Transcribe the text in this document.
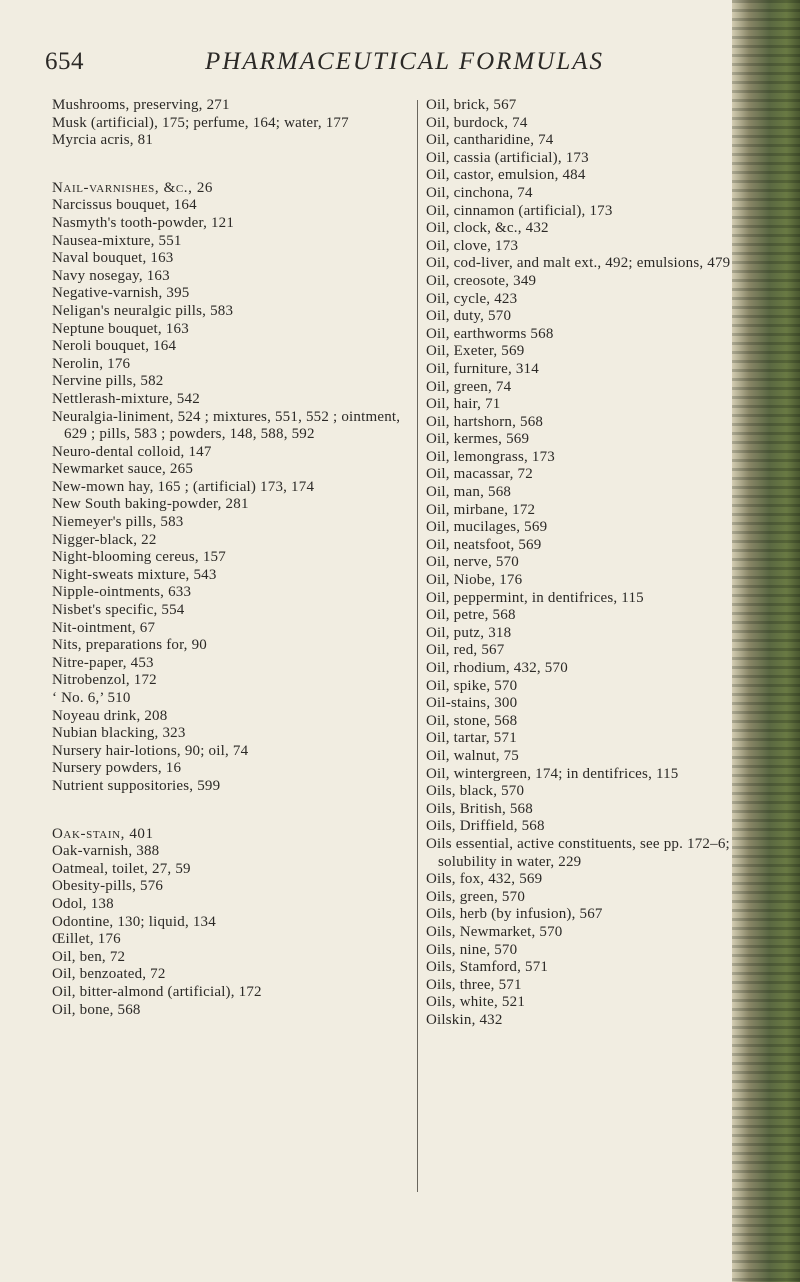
654	PHARMACEUTICAL FORMULAS
Mushrooms, preserving, 271
Musk (artificial), 175; perfume, 164; water, 177
Myrcia acris, 81
Nail-varnishes, &c., 26
Narcissus bouquet, 164
Nasmyth's tooth-powder, 121
Nausea-mixture, 551
Naval bouquet, 163
Navy nosegay, 163
Negative-varnish, 395
Neligan's neuralgic pills, 583
Neptune bouquet, 163
Neroli bouquet, 164
Nerolin, 176
Nervine pills, 582
Nettlerash-mixture, 542
Neuralgia-liniment, 524 ; mixtures, 551, 552 ; ointment, 629 ; pills, 583 ; powders, 148, 588, 592
Neuro-dental colloid, 147
Newmarket sauce, 265
New-mown hay, 165 ; (artificial) 173, 174
New South baking-powder, 281
Niemeyer's pills, 583
Nigger-black, 22
Night-blooming cereus, 157
Night-sweats mixture, 543
Nipple-ointments, 633
Nisbet's specific, 554
Nit-ointment, 67
Nits, preparations for, 90
Nitre-paper, 453
Nitrobenzol, 172
‘ No. 6,’ 510
Noyeau drink, 208
Nubian blacking, 323
Nursery hair-lotions, 90; oil, 74
Nursery powders, 16
Nutrient suppositories, 599
Oak-stain, 401
Oak-varnish, 388
Oatmeal, toilet, 27, 59
Obesity-pills, 576
Odol, 138
Odontine, 130; liquid, 134
Œillet, 176
Oil, ben, 72
Oil, benzoated, 72
Oil, bitter-almond (artificial), 172
Oil, bone, 568
Oil, brick, 567
Oil, burdock, 74
Oil, cantharidine, 74
Oil, cassia (artificial), 173
Oil, castor, emulsion, 484
Oil, cinchona, 74
Oil, cinnamon (artificial), 173
Oil, clock, &c., 432
Oil, clove, 173
Oil, cod-liver, and malt ext., 492; emulsions, 479
Oil, creosote, 349
Oil, cycle, 423
Oil, duty, 570
Oil, earthworms 568
Oil, Exeter, 569
Oil, furniture, 314
Oil, green, 74
Oil, hair, 71
Oil, hartshorn, 568
Oil, kermes, 569
Oil, lemongrass, 173
Oil, macassar, 72
Oil, man, 568
Oil, mirbane, 172
Oil, mucilages, 569
Oil, neatsfoot, 569
Oil, nerve, 570
Oil, Niobe, 176
Oil, peppermint, in dentifrices, 115
Oil, petre, 568
Oil, putz, 318
Oil, red, 567
Oil, rhodium, 432, 570
Oil, spike, 570
Oil-stains, 300
Oil, stone, 568
Oil, tartar, 571
Oil, walnut, 75
Oil, wintergreen, 174; in dentifrices, 115
Oils, black, 570
Oils, British, 568
Oils, Driffield, 568
Oils essential, active constituents, see pp. 172–6; solubility in water, 229
Oils, fox, 432, 569
Oils, green, 570
Oils, herb (by infusion), 567
Oils, Newmarket, 570
Oils, nine, 570
Oils, Stamford, 571
Oils, three, 571
Oils, white, 521
Oilskin, 432
